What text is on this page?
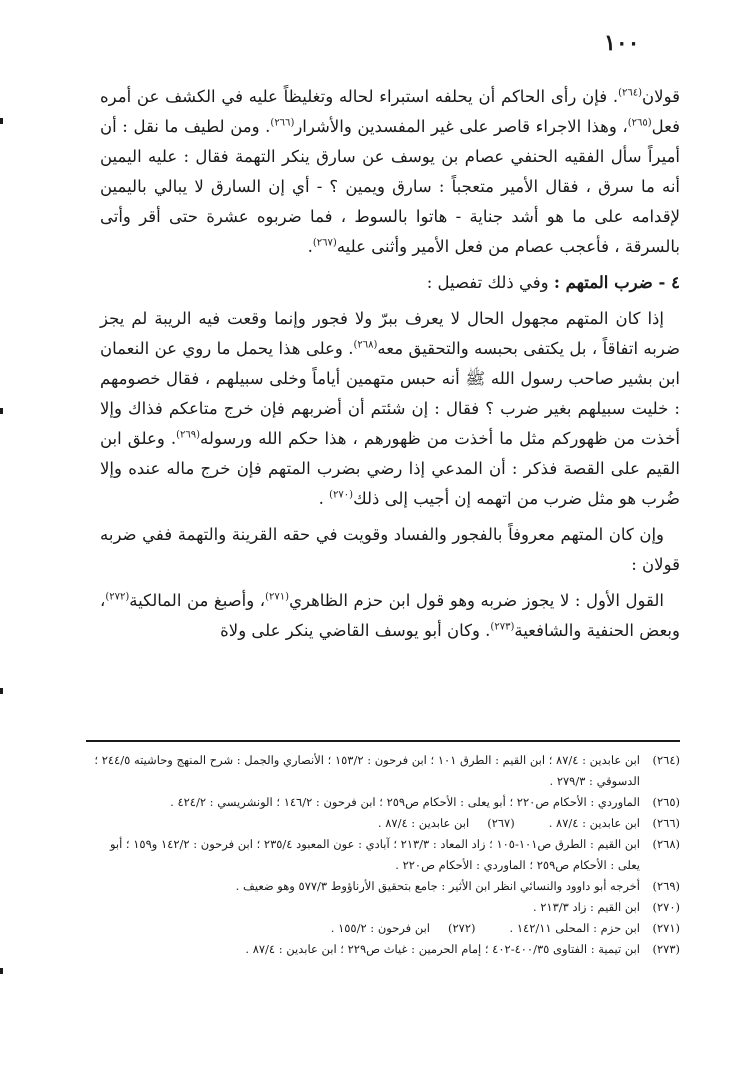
١٠٠

قولان$^{(٢٦٤)}$. فإن رأى الحاكم أن يحلفه استبراء لحاله وتغليظاً عليه في الكشف عن أمره فعل$^{(٢٦٥)}$، وهذا الاجراء قاصر على غير المفسدين والأشرار$^{(٢٦٦)}$. ومن لطيف ما نقل : أن أميراً سأل الفقيه الحنفي عصام بن يوسف عن سارق ينكر التهمة فقال : عليه اليمين أنه ما سرق ، فقال الأمير متعجباً : سارق ويمين ؟ - أي إن السارق لا يبالي باليمين لإقدامه على ما هو أشد جناية - هاتوا بالسوط ، فما ضربوه عشرة حتى أقر وأتى بالسرقة ، فأعجب عصام من فعل الأمير وأثنى عليه$^{(٢٦٧)}$.

٤ - ضرب المتهم : وفي ذلك تفصيل :

إذا كان المتهم مجهول الحال لا يعرف ببرّ ولا فجور وإنما وقعت فيه الريبة لم يجز ضربه اتفاقاً ، بل يكتفى بحبسه والتحقيق معه$^{(٢٦٨)}$. وعلى هذا يحمل ما روي عن النعمان ابن بشير صاحب رسول الله ﷺ أنه حبس متهمين أياماً وخلى سبيلهم ، فقال خصومهم : خليت سبيلهم بغير ضرب ؟ فقال : إن شئتم أن أضربهم فإن خرج متاعكم فذاك وإلا أخذت من ظهوركم مثل ما أخذت من ظهورهم ، هذا حكم الله ورسوله$^{(٢٦٩)}$. وعلق ابن القيم على القصة فذكر : أن المدعي إذا رضي بضرب المتهم فإن خرج ماله عنده وإلا ضُرب هو مثل ضرب من اتهمه إن أجيب إلى ذلك$^{(٢٧٠)}$ .

وإن كان المتهم معروفاً بالفجور والفساد وقويت في حقه القرينة والتهمة ففي ضربه قولان :

القول الأول : لا يجوز ضربه وهو قول ابن حزم الظاهري$^{(٢٧١)}$، وأصبغ من المالكية$^{(٢٧٢)}$، وبعض الحنفية والشافعية$^{(٢٧٣)}$. وكان أبو يوسف القاضي ينكر على ولاة

(٢٦٤)
ابن عابدين : ٨٧/٤ ؛ ابن القيم : الطرق ١٠١ ؛ ابن فرحون : ١٥٣/٢ ؛ الأنصاري والجمل : شرح المنهج وحاشيته ٢٤٤/٥ ؛ الدسوقي : ٢٧٩/٣ .
(٢٦٥)
الماوردي : الأحكام ص٢٢٠ ؛ أبو يعلى : الأحكام ص٢٥٩ ؛ ابن فرحون : ١٤٦/٢ ؛ الونشريسي : ٤٢٤/٢ .
(٢٦٦)
ابن عابدين : ٨٧/٤ .(٢٦٧)ابن عابدين : ٨٧/٤ .
(٢٦٨)
ابن القيم : الطرق ص١٠١-١٠٥ ؛ زاد المعاد : ٢١٣/٣ ؛ آبادي : عون المعبود ٢٣٥/٤ ؛ ابن فرحون : ١٤٢/٢ و١٥٩ ؛ أبو يعلى : الأحكام ص٢٥٩ ؛ الماوردي : الأحكام ص٢٢٠ .
(٢٦٩)
أخرجه أبو داوود والنسائي انظر ابن الأثير : جامع بتحقيق الأرناؤوط ٥٧٧/٣ وهو ضعيف .
(٢٧٠)
ابن القيم : زاد ٢١٣/٣ .
(٢٧١)
ابن حزم : المحلى ١٤٢/١١ .(٢٧٢)ابن فرحون : ١٥٥/٢ .
(٢٧٣)
ابن تيمية : الفتاوى ٤٠٠/٣٥-٤٠٢ ؛ إمام الحرمين : غياث ص٢٢٩ ؛ ابن عابدين : ٨٧/٤ .
